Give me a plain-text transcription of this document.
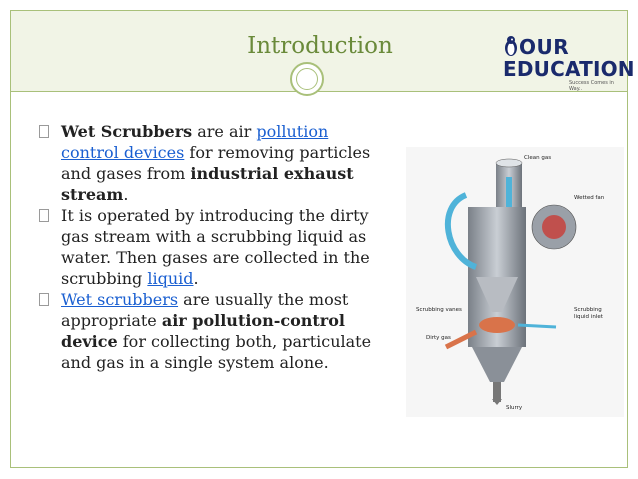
Introduction	OUR
EDUCATION
Success Comes in Way..
Wet Scrubbers are air pollution control devices for removing particles and gases from industrial exhaust stream.
It is operated by introducing the dirty gas stream with a scrubbing liquid as water. Then gases are collected in the scrubbing liquid.
Wet scrubbers are usually the most appropriate air pollution-control device for collecting both, particulate and gas in a single system alone.
Clean gas
Wetted fan
Scrubbing vanes
Dirty gas
Scrubbing liquid inlet
Slurry
